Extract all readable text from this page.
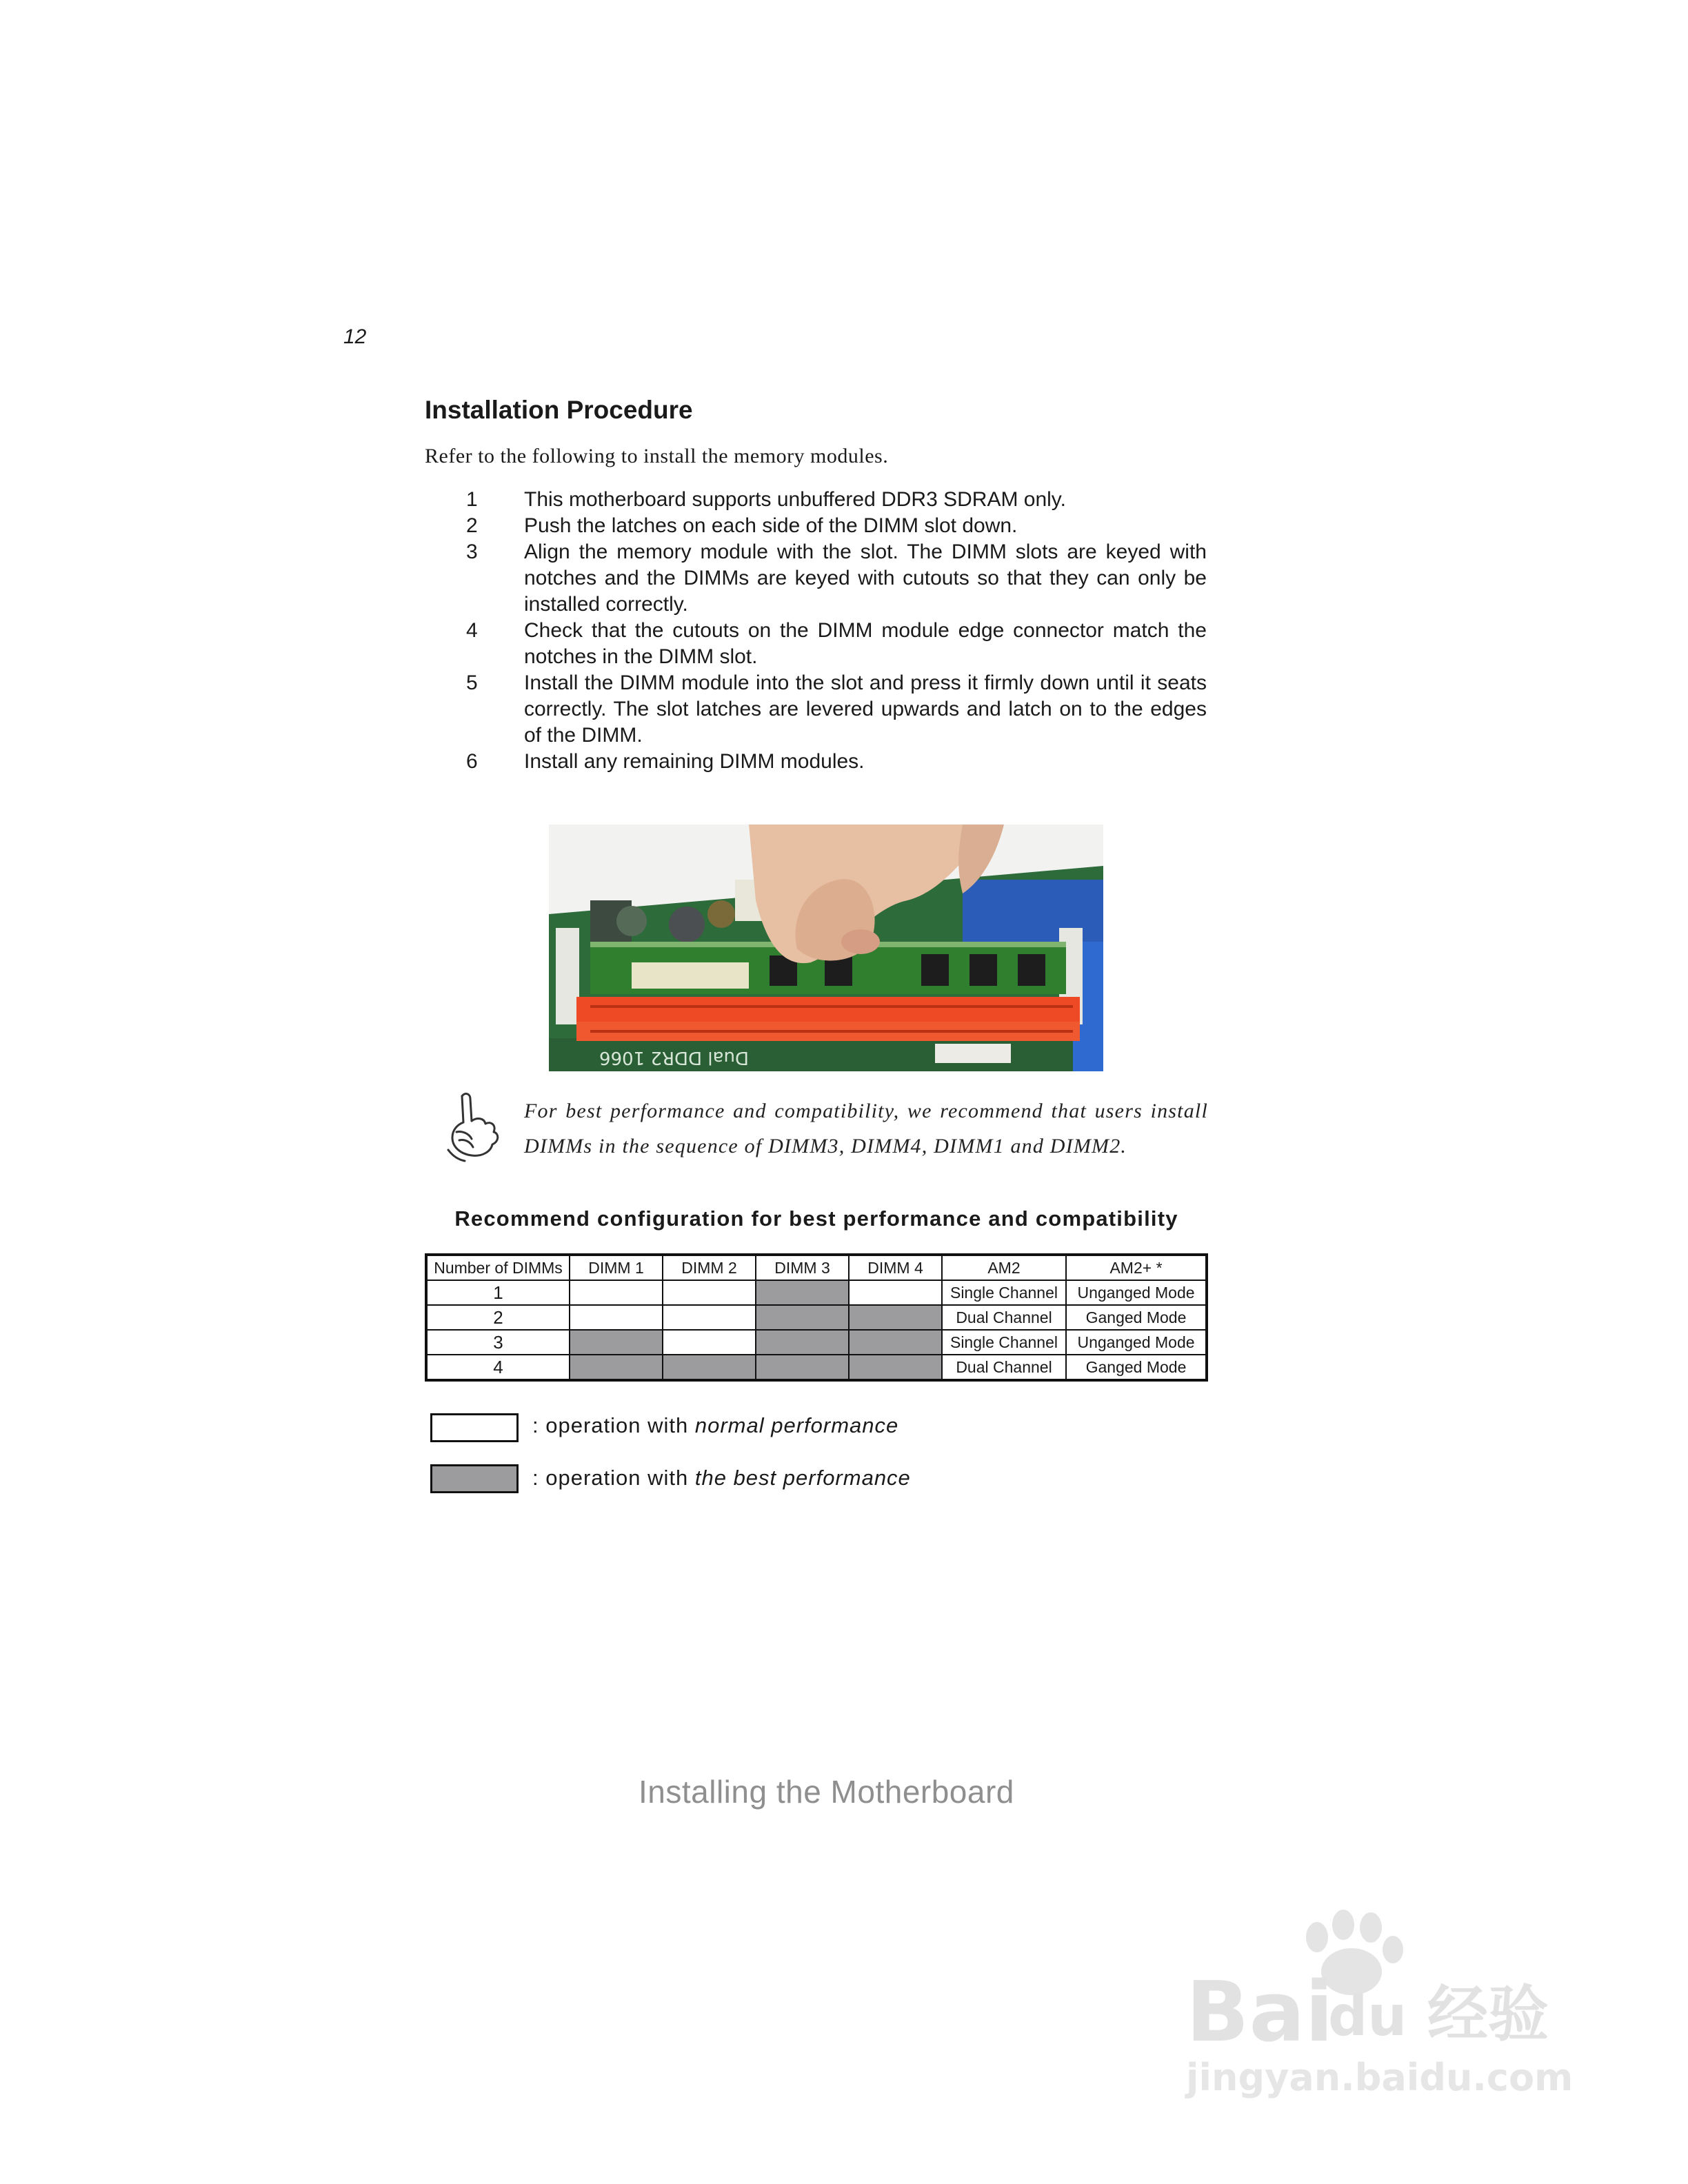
12
Installation Procedure
Refer to the following to install the memory modules.
1	This motherboard supports unbuffered DDR3 SDRAM only.
2	Push the latches on each side of the DIMM slot down.
3	Align the memory module with the slot. The DIMM slots are keyed with notches and the DIMMs are keyed with cutouts so that they can only be installed correctly.
4	Check that the cutouts on the DIMM module edge connector match the notches in the DIMM slot.
5	Install the DIMM module into the slot and press it firmly down until it seats correctly. The slot latches are levered upwards and latch on to the edges of the DIMM.
6	Install any remaining DIMM modules.
Dual DDR2 1066
For best performance and compatibility, we recommend that users install DIMMs in the sequence of DIMM3, DIMM4, DIMM1 and DIMM2.
Recommend configuration for best performance and compatibility
Number of DIMMs	DIMM 1	DIMM 2	DIMM 3	DIMM 4	AM2	AM2+ *
1					Single Channel	Unganged Mode
2					Dual Channel	Ganged Mode
3					Single Channel	Unganged Mode
4					Dual Channel	Ganged Mode
: operation with normal performance
: operation with the best performance
Installing the Motherboard
Bai
du 经验
jingyan.baidu.com
